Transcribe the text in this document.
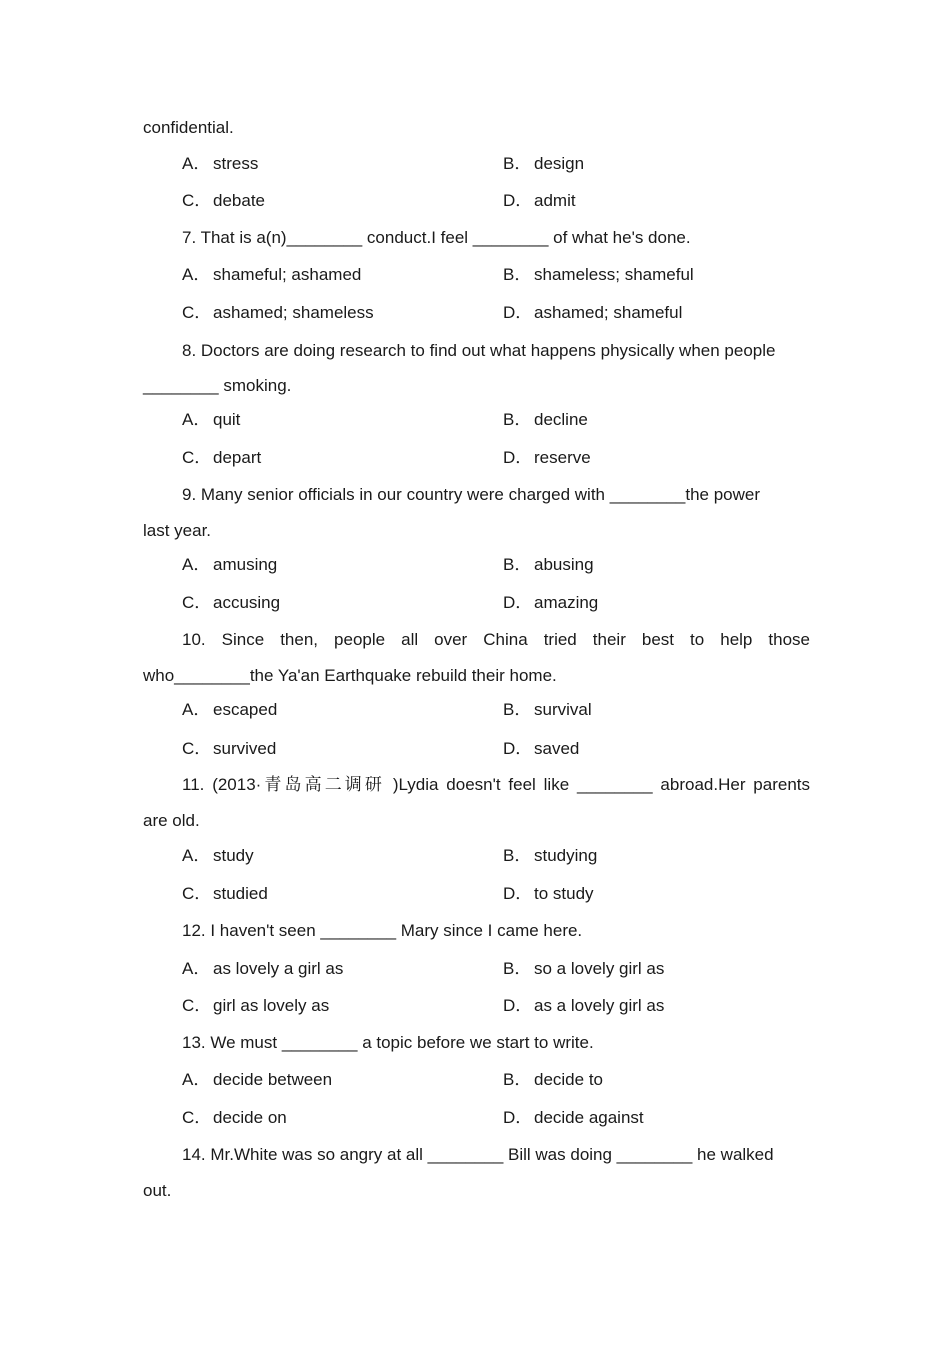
confidential.
A． stress	B． design
C． debate	D． admit
7. That is a(n)________ conduct.I feel ________ of what he's done.
A． shameful; ashamed	B． shameless; shameful
C． ashamed; shameless	D． ashamed; shameful
8. Doctors are doing research to find out what happens physically when people
________ smoking.
A． quit	B． decline
C． depart	D． reserve
9. Many senior officials in our country were charged with ________the power
last year.
A． amusing	B． abusing
C． accusing	D． amazing
10. Since then, people all over China tried their best to help those
who________the Ya'an Earthquake rebuild their home.
A． escaped	B． survival
C． survived	D． saved
11. (2013·青岛高二调研 )Lydia doesn't feel like ________ abroad.Her parents
are old.
A． study	B． studying
C． studied	D． to study
12. I haven't seen ________ Mary since I came here.
A． as lovely a girl as	B． so a lovely girl as
C． girl as lovely as	D． as a lovely girl as
13. We must ________ a topic before we start to write.
A． decide between	B． decide to
C． decide on	D． decide against
14. Mr.White was so angry at all ________ Bill was doing ________ he walked
out.
